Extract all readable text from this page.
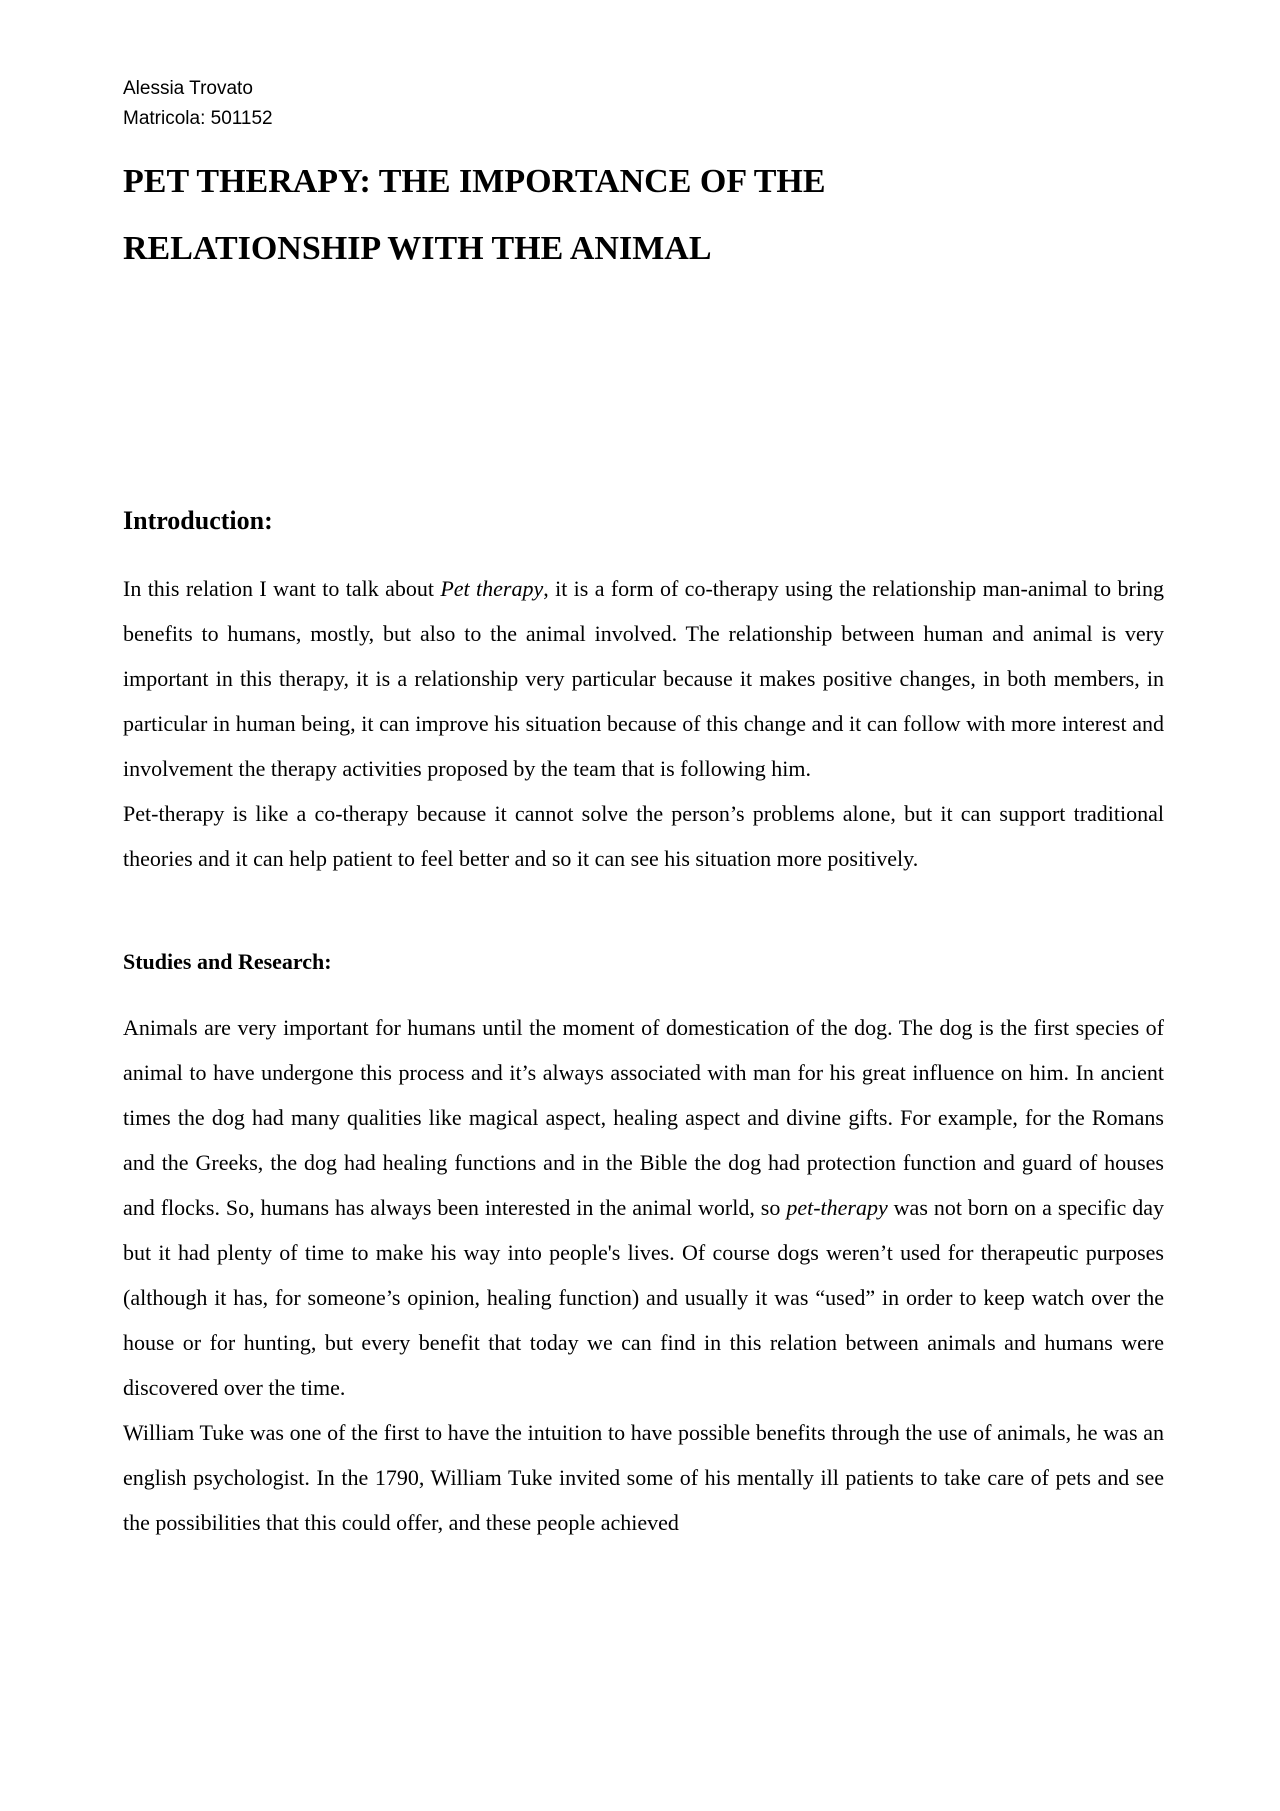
Alessia Trovato
Matricola: 501152
PET THERAPY: THE IMPORTANCE OF THE
RELATIONSHIP WITH THE ANIMAL
Introduction:

In this relation I want to talk about Pet therapy, it is a form of co-therapy using the relationship man-animal to bring benefits to humans, mostly, but also to the animal involved. The relationship between human and animal is very important in this therapy, it is a relationship very particular because it makes positive changes, in both members, in particular in human being, it can improve his situation because of this change and it can follow with more interest and involvement the therapy activities proposed by the team that is following him.

Pet-therapy is like a co-therapy because it cannot solve the person’s problems alone, but it can support traditional theories and it can help patient to feel better and so it can see his situation more positively.

Studies and Research:

Animals are very important for humans until the moment of domestication of the dog. The dog is the first species of animal to have undergone this process and it’s always associated with man for his great influence on him. In ancient times the dog had many qualities like magical aspect, healing aspect and divine gifts. For example, for the Romans and the Greeks, the dog had healing functions and in the Bible the dog had protection function and guard of houses and flocks. So, humans has always been interested in the animal world, so pet-therapy was not born on a specific day but it had plenty of time to make his way into people's lives. Of course dogs weren’t used for therapeutic purposes (although it has, for someone’s opinion, healing function) and usually it was “used” in order to keep watch over the house or for hunting, but every benefit that today we can find in this relation between animals and humans were discovered over the time.

William Tuke was one of the first to have the intuition to have possible benefits through the use of animals, he was an english psychologist. In the 1790, William Tuke invited some of his mentally ill patients to take care of pets and see the possibilities that this could offer, and these people achieved
